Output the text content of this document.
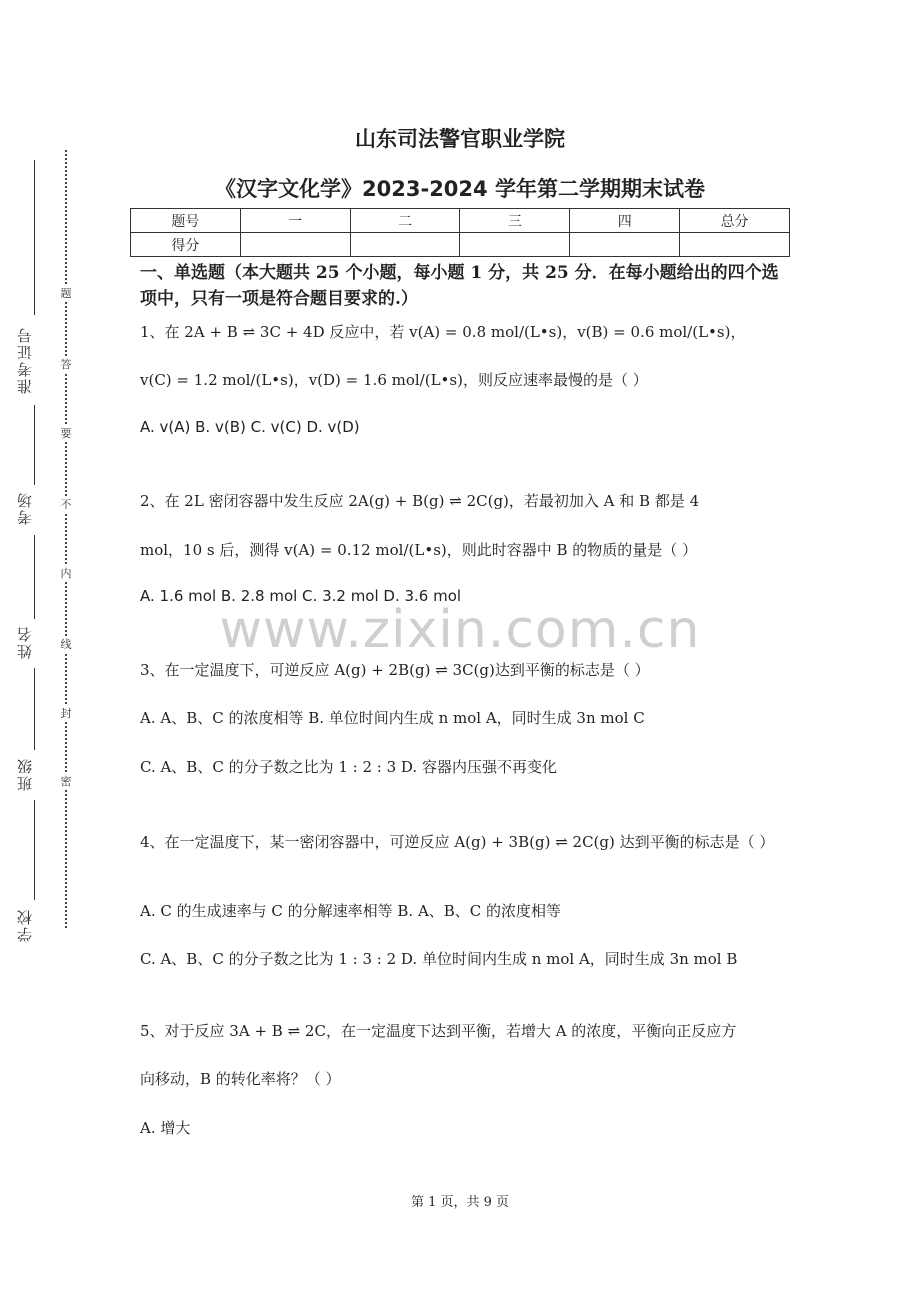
准考证号
考场
姓名
班级
学校
题
答
要
不
内
线
封
密
山东司法警官职业学院
《汉字文化学》2023-2024 学年第二学期期末试卷
题号	一	二	三	四	总分
得分					
一、单选题（本大题共 25 个小题，每小题 1 分，共 25 分．在每小题给出的四个选项中，只有一项是符合题目要求的.）
www.zixin.com.cn
1、在 2A + B ⇌ 3C + 4D 反应中，若 v(A) = 0.8 mol/(L•s)，v(B) = 0.6 mol/(L•s)，
v(C) = 1.2 mol/(L•s)，v(D) = 1.6 mol/(L•s)，则反应速率最慢的是（ ）
A. v(A) B. v(B) C. v(C) D. v(D)
2、在 2L 密闭容器中发生反应 2A(g) + B(g) ⇌ 2C(g)，若最初加入 A 和 B 都是 4
mol，10 s 后，测得 v(A) = 0.12 mol/(L•s)，则此时容器中 B 的物质的量是（ ）
A. 1.6 mol B. 2.8 mol C. 3.2 mol D. 3.6 mol
3、在一定温度下，可逆反应 A(g) + 2B(g) ⇌ 3C(g)达到平衡的标志是（ ）
A. A、B、C 的浓度相等 B. 单位时间内生成 n mol A，同时生成 3n mol C
C. A、B、C 的分子数之比为 1 : 2 : 3 D. 容器内压强不再变化
4、在一定温度下，某一密闭容器中，可逆反应 A(g) + 3B(g) ⇌ 2C(g) 达到平衡的标志是（ ）
A. C 的生成速率与 C 的分解速率相等 B. A、B、C 的浓度相等
C. A、B、C 的分子数之比为 1 : 3 : 2 D. 单位时间内生成 n mol A，同时生成 3n mol B
5、对于反应 3A + B ⇌ 2C，在一定温度下达到平衡，若增大 A 的浓度，平衡向正反应方
向移动，B 的转化率将？（ ）
A. 增大
第 1 页，共 9 页
